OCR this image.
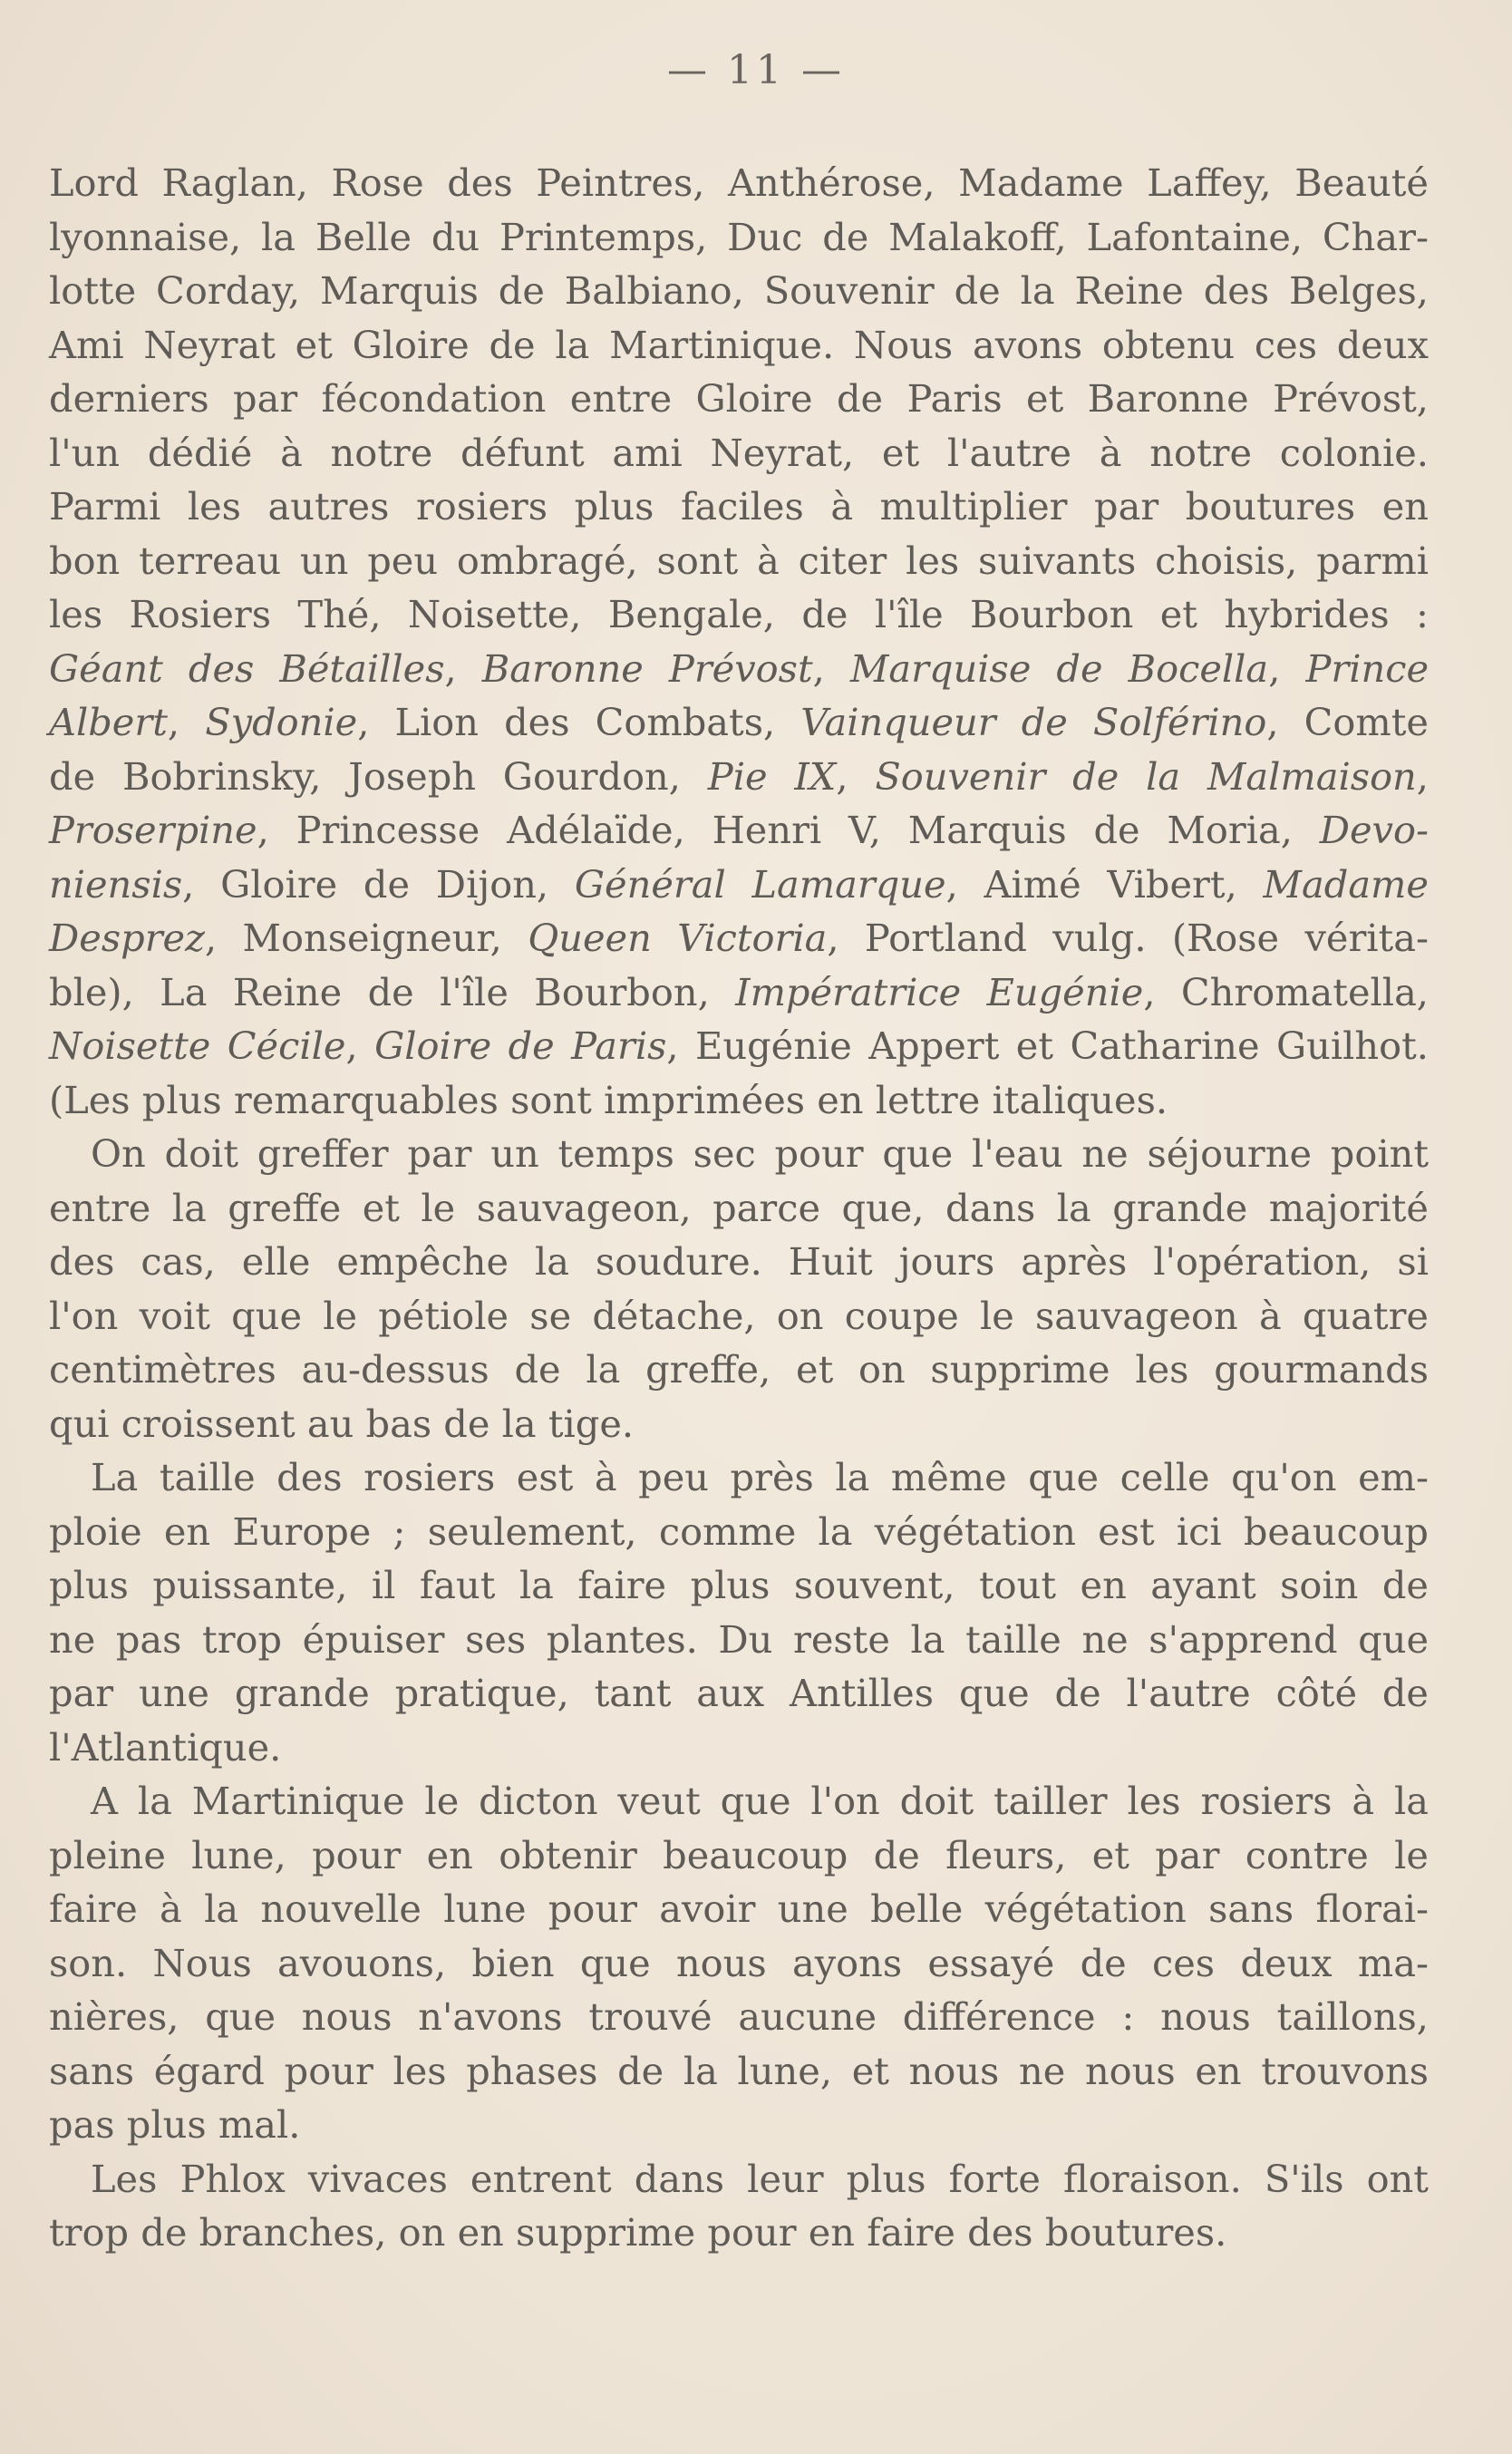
— 11 —
Lord Raglan, Rose des Peintres, Anthérose, Madame Laffey, Beauté
lyonnaise, la Belle du Printemps, Duc de Malakoff, Lafontaine, Char-
lotte Corday, Marquis de Balbiano, Souvenir de la Reine des Belges,
Ami Neyrat et Gloire de la Martinique. Nous avons obtenu ces deux
derniers par fécondation entre Gloire de Paris et Baronne Prévost,
l'un dédié à notre défunt ami Neyrat, et l'autre à notre colonie.
Parmi les autres rosiers plus faciles à multiplier par boutures en
bon terreau un peu ombragé, sont à citer les suivants choisis, parmi
les Rosiers Thé, Noisette, Bengale, de l'île Bourbon et hybrides :
Géant des Bétailles, Baronne Prévost, Marquise de Bocella, Prince
Albert, Sydonie, Lion des Combats, Vainqueur de Solférino, Comte
de Bobrinsky, Joseph Gourdon, Pie IX, Souvenir de la Malmaison,
Proserpine, Princesse Adélaïde, Henri V, Marquis de Moria, Devo-
niensis, Gloire de Dijon, Général Lamarque, Aimé Vibert, Madame
Desprez, Monseigneur, Queen Victoria, Portland vulg. (Rose vérita-
ble), La Reine de l'île Bourbon, Impératrice Eugénie, Chromatella,
Noisette Cécile, Gloire de Paris, Eugénie Appert et Catharine Guilhot.
(Les plus remarquables sont imprimées en lettre italiques.
On doit greffer par un temps sec pour que l'eau ne séjourne point
entre la greffe et le sauvageon, parce que, dans la grande majorité
des cas, elle empêche la soudure. Huit jours après l'opération, si
l'on voit que le pétiole se détache, on coupe le sauvageon à quatre
centimètres au-dessus de la greffe, et on supprime les gourmands
qui croissent au bas de la tige.
La taille des rosiers est à peu près la même que celle qu'on em-
ploie en Europe ; seulement, comme la végétation est ici beaucoup
plus puissante, il faut la faire plus souvent, tout en ayant soin de
ne pas trop épuiser ses plantes. Du reste la taille ne s'apprend que
par une grande pratique, tant aux Antilles que de l'autre côté de
l'Atlantique.
A la Martinique le dicton veut que l'on doit tailler les rosiers à la
pleine lune, pour en obtenir beaucoup de fleurs, et par contre le
faire à la nouvelle lune pour avoir une belle végétation sans florai-
son. Nous avouons, bien que nous ayons essayé de ces deux ma-
nières, que nous n'avons trouvé aucune différence : nous taillons,
sans égard pour les phases de la lune, et nous ne nous en trouvons
pas plus mal.
Les Phlox vivaces entrent dans leur plus forte floraison. S'ils ont
trop de branches, on en supprime pour en faire des boutures.
